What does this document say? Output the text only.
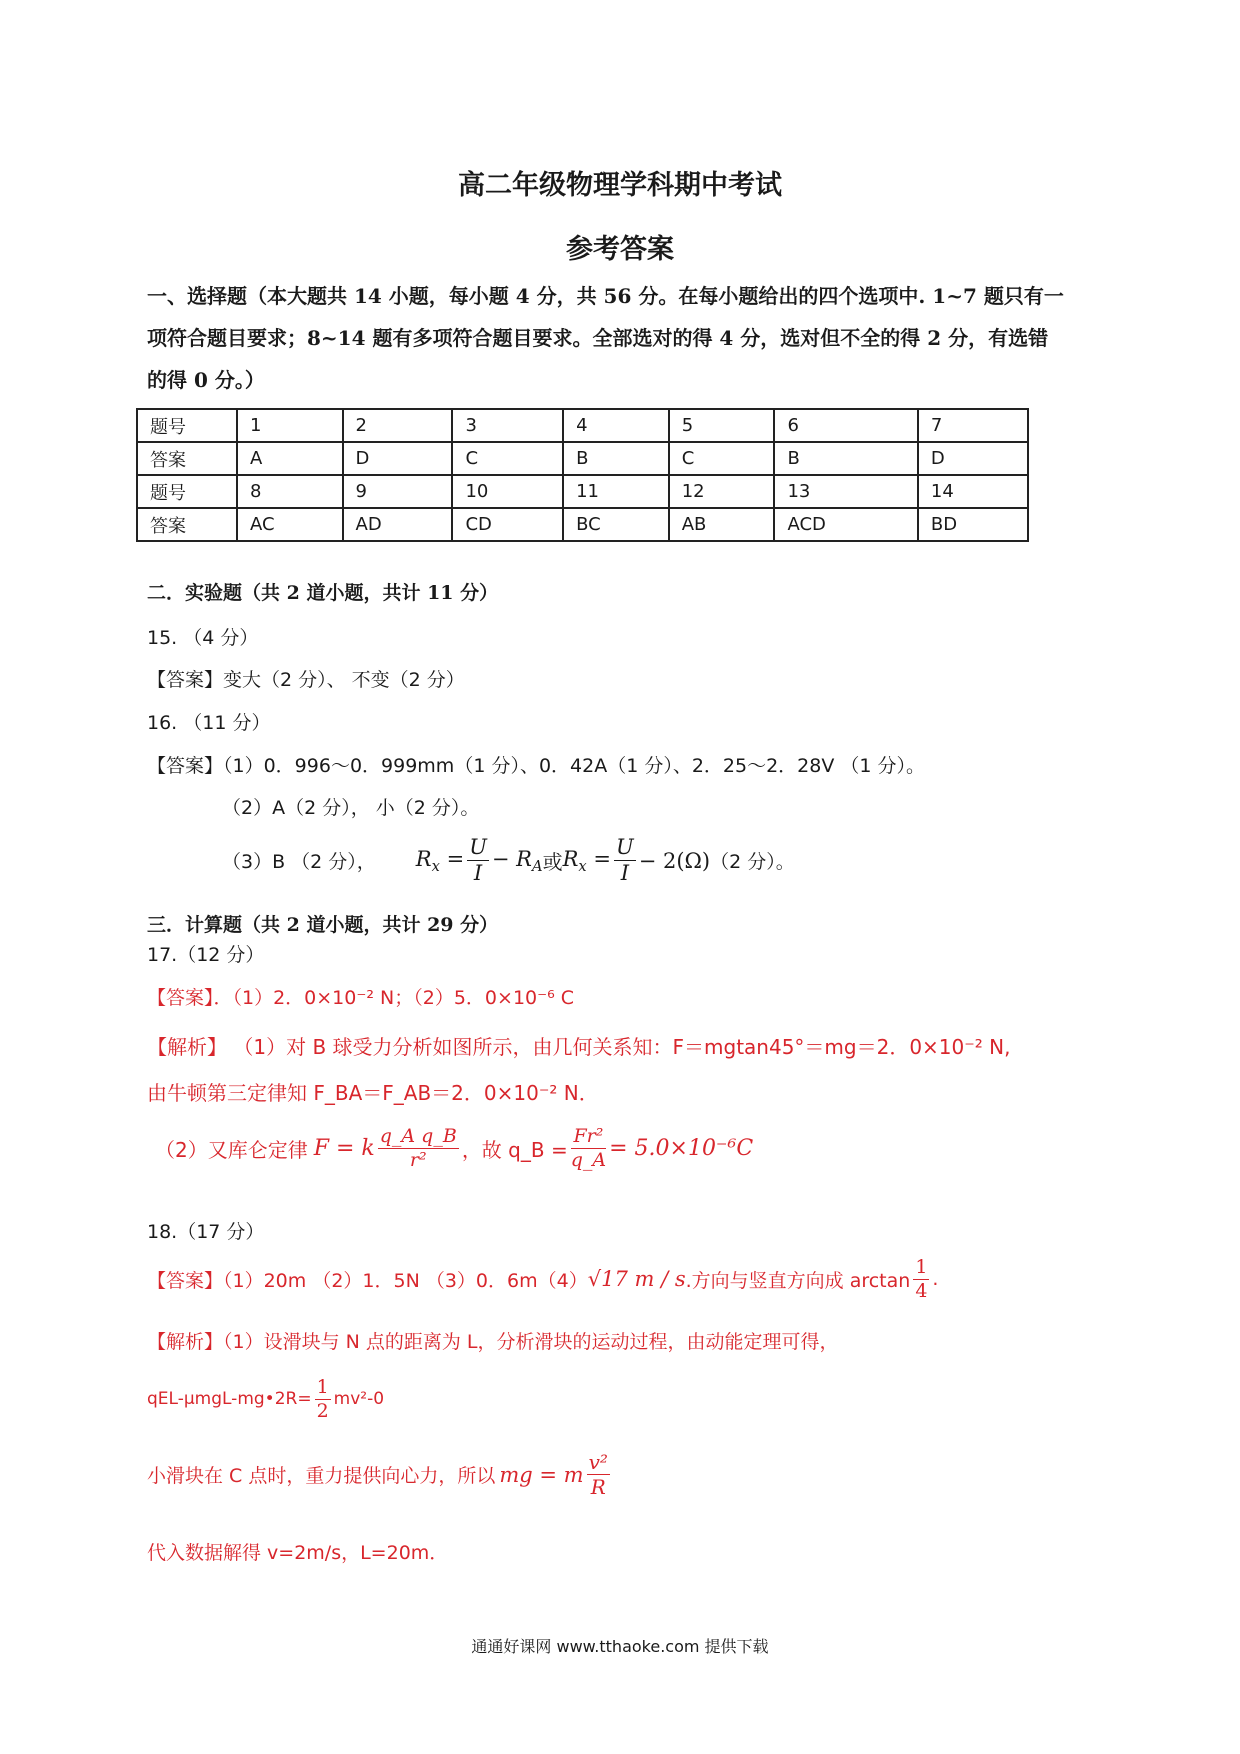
高二年级物理学科期中考试
参考答案
一、选择题（本大题共 14 小题，每小题 4 分，共 56 分。在每小题给出的四个选项中. 1~7 题只有一
项符合题目要求；8~14 题有多项符合题目要求。全部选对的得 4 分，选对但不全的得 2 分，有选错
的得 0 分。）
题号	1	2	3	4	5	6	7
答案	A	D	C	B	C	B	D
题号	8	9	10	11	12	13	14
答案	AC	AD	CD	BC	AB	ACD	BD
二．实验题（共 2 道小题，共计 11 分）
15. （4 分）
【答案】变大（2 分）、 不变（2 分）
16. （11 分）
【答案】（1）0．996～0．999mm（1 分）、0．42A（1 分）、2．25～2．28V （1 分）。
（2）A（2 分）， 小（2 分）。
（3）B （2 分）， $R_x = \frac{U}{I} - R_A$ 或 $R_x = \frac{U}{I} - 2(\Omega)$ （2 分）。
三．计算题（共 2 道小题，共计 29 分）
17.（12 分）
【答案】．（1）2．0×10⁻² N；（2）5．0×10⁻⁶ C
【解析】 （1）对 B 球受力分析如图所示，由几何关系知：F＝mgtan45°＝mg＝2．0×10⁻² N,
由牛顿第三定律知 F_BA＝F_AB＝2．0×10⁻² N．
（2）又库仑定律 F = k $\frac{\text{q\_A q\_B}}{\text{r²}}$ ，故 q_B = $\frac{\text{Fr²}}{q\_A} = 5.0\times 10^{-6}C$
18.（17 分）
【答案】（1）20m （2）1．5N （3）0．6m（4） √17 m / s .方向与竖直方向成 $\arctan \frac{1}{4}$ .
【解析】（1）设滑块与 N 点的距离为 L，分析滑块的运动过程，由动能定理可得，
qEL-μmgL-mg•2R= $\frac{1}{2} mv^2-0$
小滑块在 C 点时，重力提供向心力，所以 mg = m $\frac{\text{v²}}{R}$
代入数据解得 v=2m/s，L=20m．
通通好课网 www.tthaoke.com 提供下载
